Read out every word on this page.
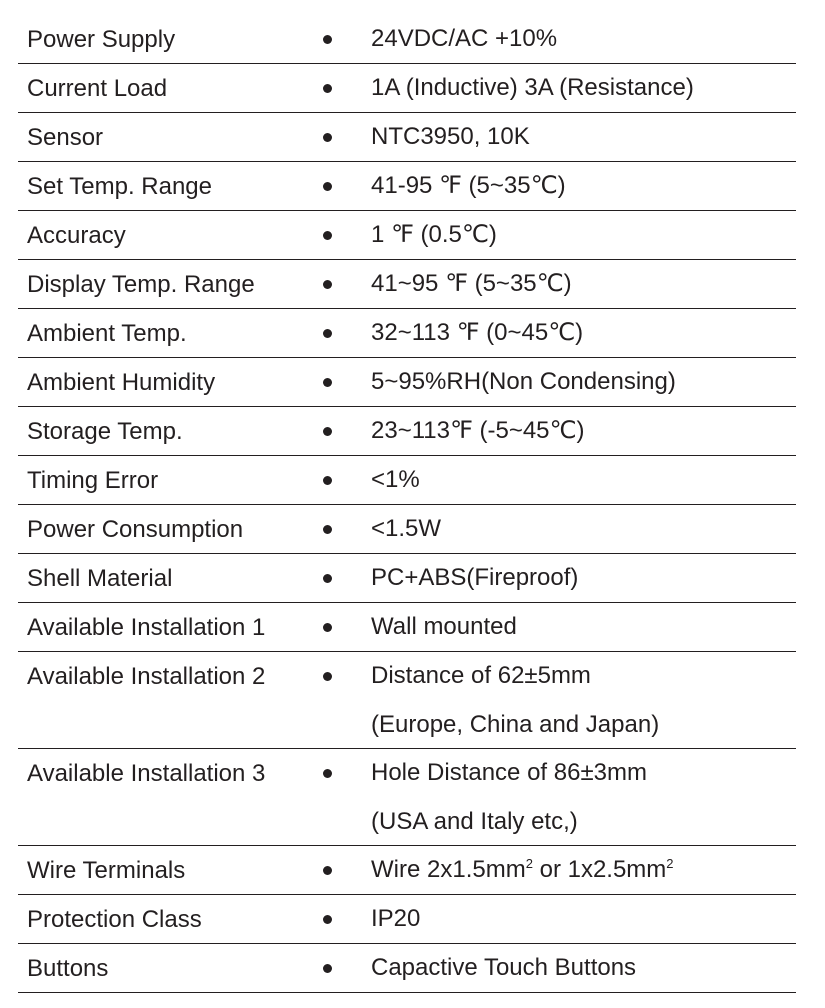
Power Supply	24VDC/AC +10%
Current Load	1A (Inductive) 3A (Resistance)
Sensor	NTC3950, 10K
Set Temp. Range	41-95 ℉ (5~35℃)
Accuracy	1 ℉ (0.5℃)
Display Temp. Range	41~95 ℉ (5~35℃)
Ambient Temp.	32~113 ℉ (0~45℃)
Ambient Humidity	5~95%RH(Non Condensing)
Storage Temp.	23~113℉ (-5~45℃)
Timing Error	<1%
Power Consumption	<1.5W
Shell Material	PC+ABS(Fireproof)
Available Installation 1	Wall mounted
Available Installation 2	Distance of 62±5mm
(Europe, China and Japan)
Available Installation 3	Hole Distance of 86±3mm
(USA and Italy etc,)
Wire Terminals	Wire $2x1.5mm^2$ or $1x2.5mm^2$
Protection Class	IP20
Buttons	Capactive Touch Buttons
